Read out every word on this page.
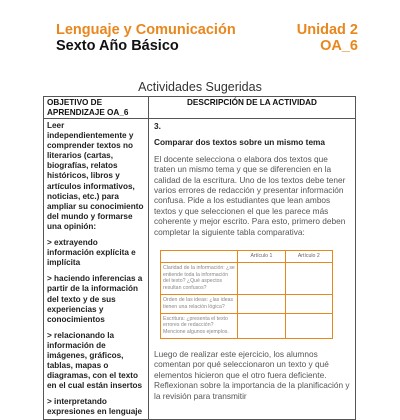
Lenguaje y Comunicación
Sexto Año Básico
Unidad 2
OA_6
Actividades Sugeridas
OBJETIVO DE APRENDIZAJE OA_6	DESCRIPCIÓN DE LA ACTIVIDAD

Leer independientemente y comprender textos no literarios (cartas, biografías, relatos históricos, libros y artículos informativos, noticias, etc.) para ampliar su conocimiento del mundo y formarse una opinión:

> extrayendo información explícita e implícita

> haciendo inferencias a partir de la información del texto y de sus experiencias y conocimientos

> relacionando la información de imágenes, gráficos, tablas, mapas o diagramas, con el texto en el cual están insertos

> interpretando expresiones en lenguaje

3.

Comparar dos textos sobre un mismo tema

El docente selecciona o elabora dos textos que traten un mismo tema y que se diferencien en la calidad de la escritura. Uno de los textos debe tener varios errores de redacción y presentar información confusa. Pide a los estudiantes que lean ambos textos y que seleccionen el que les parece más coherente y mejor escrito. Para esto, primero deben completar la siguiente tabla comparativa:

	Artículo 1	Artículo 2
Claridad de la información: ¿se entiende toda la información del texto? ¿Qué aspectos resultan confusos?		
Orden de las ideas: ¿las ideas tienen una relación lógica?		
Escritura: ¿presenta el texto errores de redacción? Mencione algunos ejemplos.		

Luego de realizar este ejercicio, los alumnos comentan por qué seleccionaron un texto y qué elementos hicieron que el otro fuera deficiente. Reflexionan sobre la importancia de la planificación y la revisión para transmitir
